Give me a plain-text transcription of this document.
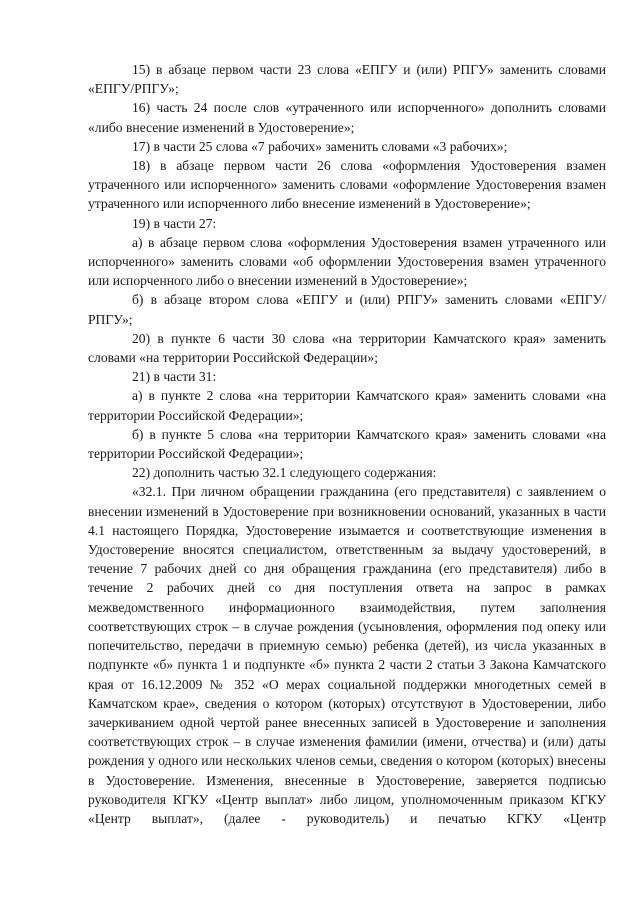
15) в абзаце первом части 23 слова «ЕПГУ и (или) РПГУ» заменить словами «ЕПГУ/РПГУ»;

16) часть 24 после слов «утраченного или испорченного» дополнить словами «либо внесение изменений в Удостоверение»;

17) в части 25 слова «7 рабочих» заменить словами «3 рабочих»;

18) в абзаце первом части 26 слова «оформления Удостоверения взамен утраченного или испорченного» заменить словами «оформление Удостоверения взамен утраченного или испорченного либо внесение изменений в Удостоверение»;

19) в части 27:

а) в абзаце первом слова «оформления Удостоверения взамен утраченного или испорченного» заменить словами «об оформлении Удостоверения взамен утраченного или испорченного либо о внесении изменений в Удостоверение»;

б) в абзаце втором слова «ЕПГУ и (или) РПГУ» заменить словами «ЕПГУ/РПГУ»;

20) в пункте 6 части 30 слова «на территории Камчатского края» заменить словами «на территории Российской Федерации»;

21) в части 31:

а) в пункте 2 слова «на территории Камчатского края» заменить словами «на территории Российской Федерации»;

б) в пункте 5 слова «на территории Камчатского края» заменить словами «на территории Российской Федерации»;

22) дополнить частью 32.1 следующего содержания:

«32.1. При личном обращении гражданина (его представителя) с заявлением о внесении изменений в Удостоверение при возникновении оснований, указанных в части 4.1 настоящего Порядка, Удостоверение изымается и соответствующие изменения в Удостоверение вносятся специалистом, ответственным за выдачу удостоверений, в течение 7 рабочих дней со дня обращения гражданина (его представителя) либо в течение 2 рабочих дней со дня поступления ответа на запрос в рамках межведомственного информационного взаимодействия, путем заполнения соответствующих строк – в случае рождения (усыновления, оформления под опеку или попечительство, передачи в приемную семью) ребенка (детей), из числа указанных в подпункте «б» пункта 1 и подпункте «б» пункта 2 части 2 статьи 3 Закона Камчатского края от 16.12.2009 № 352 «О мерах социальной поддержки многодетных семей в Камчатском крае», сведения о котором (которых) отсутствуют в Удостоверении, либо зачеркиванием одной чертой ранее внесенных записей в Удостоверение и заполнения соответствующих строк – в случае изменения фамилии (имени, отчества) и (или) даты рождения у одного или нескольких членов семьи, сведения о котором (которых) внесены в Удостоверение. Изменения, внесенные в Удостоверение, заверяется подписью руководителя КГКУ «Центр выплат» либо лицом, уполномоченным приказом КГКУ «Центр выплат», (далее - руководитель) и печатью КГКУ «Центр
